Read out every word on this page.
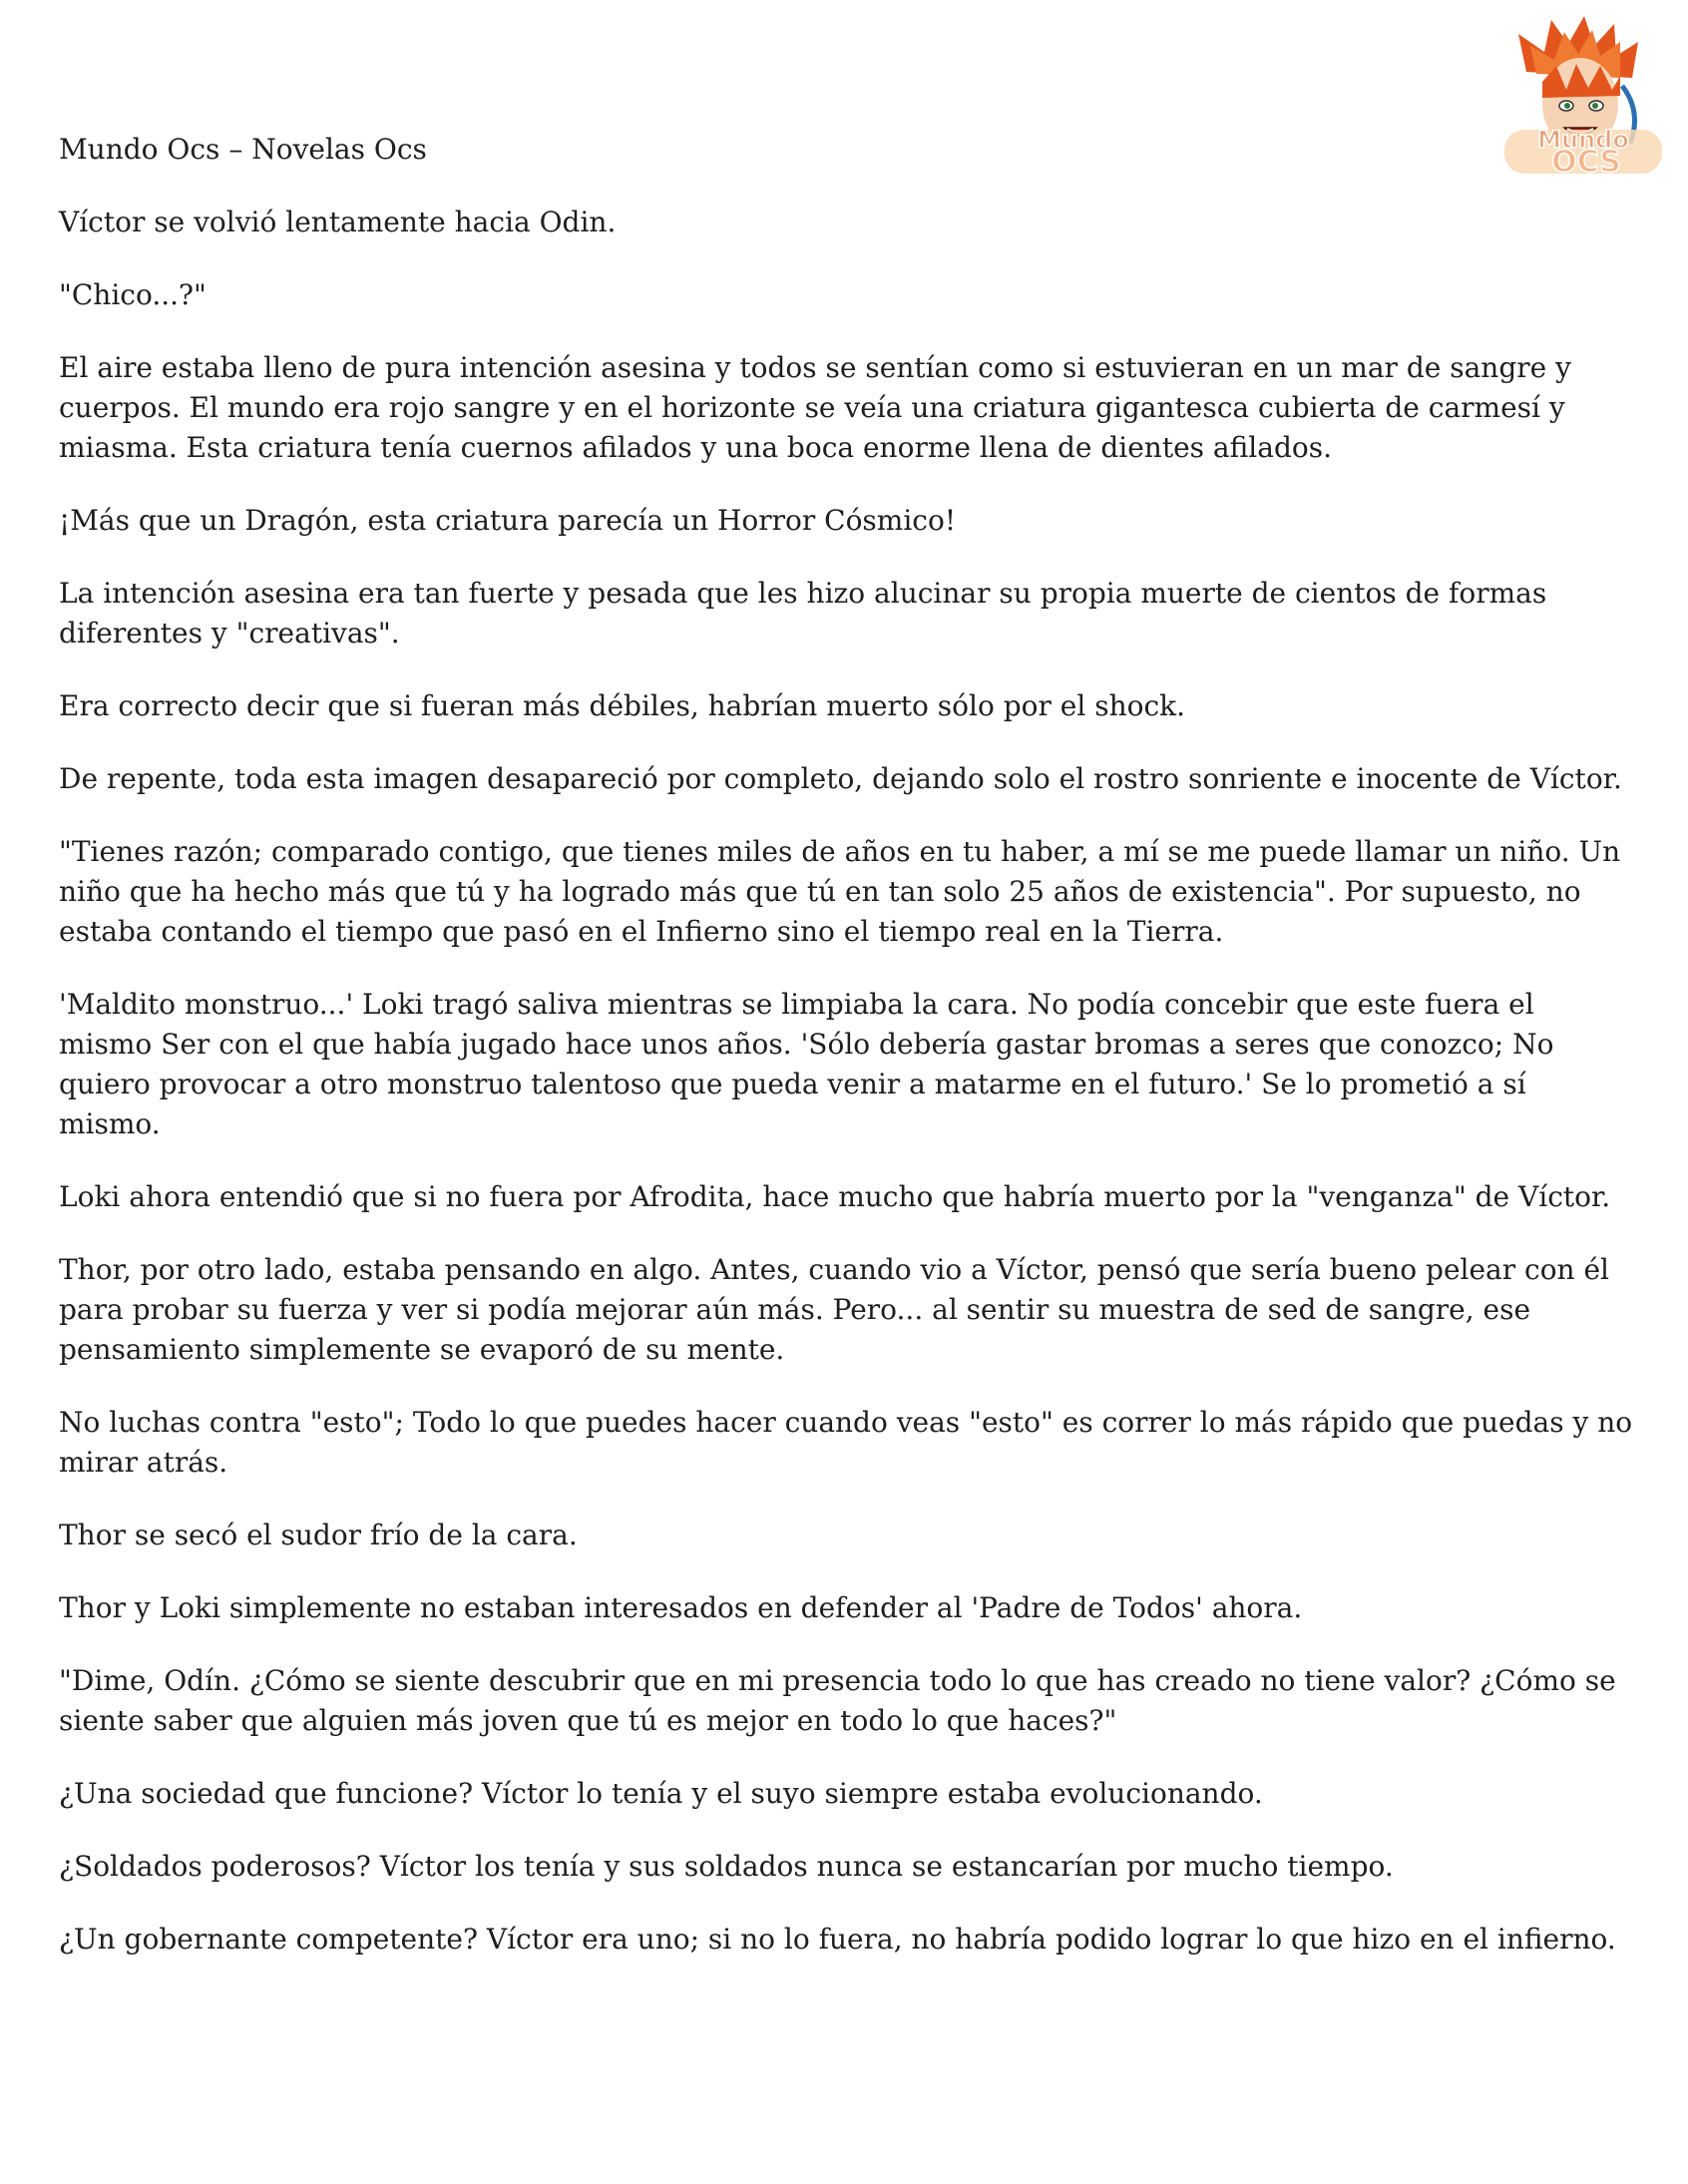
Mundo
OCS
Mundo Ocs – Novelas Ocs

Víctor se volvió lentamente hacia Odin.

"Chico...?"

El aire estaba lleno de pura intención asesina y todos se sentían como si estuvieran en un mar de sangre y cuerpos. El mundo era rojo sangre y en el horizonte se veía una criatura gigantesca cubierta de carmesí y miasma. Esta criatura tenía cuernos afilados y una boca enorme llena de dientes afilados.

¡Más que un Dragón, esta criatura parecía un Horror Cósmico!

La intención asesina era tan fuerte y pesada que les hizo alucinar su propia muerte de cientos de formas diferentes y "creativas".

Era correcto decir que si fueran más débiles, habrían muerto sólo por el shock.

De repente, toda esta imagen desapareció por completo, dejando solo el rostro sonriente e inocente de Víctor.

"Tienes razón; comparado contigo, que tienes miles de años en tu haber, a mí se me puede llamar un niño. Un niño que ha hecho más que tú y ha logrado más que tú en tan solo 25 años de existencia". Por supuesto, no estaba contando el tiempo que pasó en el Infierno sino el tiempo real en la Tierra.

'Maldito monstruo...' Loki tragó saliva mientras se limpiaba la cara. No podía concebir que este fuera el mismo Ser con el que había jugado hace unos años. 'Sólo debería gastar bromas a seres que conozco; No quiero provocar a otro monstruo talentoso que pueda venir a matarme en el futuro.' Se lo prometió a sí mismo.

Loki ahora entendió que si no fuera por Afrodita, hace mucho que habría muerto por la "venganza" de Víctor.

Thor, por otro lado, estaba pensando en algo. Antes, cuando vio a Víctor, pensó que sería bueno pelear con él para probar su fuerza y ver si podía mejorar aún más. Pero... al sentir su muestra de sed de sangre, ese pensamiento simplemente se evaporó de su mente.

No luchas contra "esto"; Todo lo que puedes hacer cuando veas "esto" es correr lo más rápido que puedas y no mirar atrás.

Thor se secó el sudor frío de la cara.

Thor y Loki simplemente no estaban interesados en defender al 'Padre de Todos' ahora.

"Dime, Odín. ¿Cómo se siente descubrir que en mi presencia todo lo que has creado no tiene valor? ¿Cómo se siente saber que alguien más joven que tú es mejor en todo lo que haces?"

¿Una sociedad que funcione? Víctor lo tenía y el suyo siempre estaba evolucionando.

¿Soldados poderosos? Víctor los tenía y sus soldados nunca se estancarían por mucho tiempo.

¿Un gobernante competente? Víctor era uno; si no lo fuera, no habría podido lograr lo que hizo en el infierno.
